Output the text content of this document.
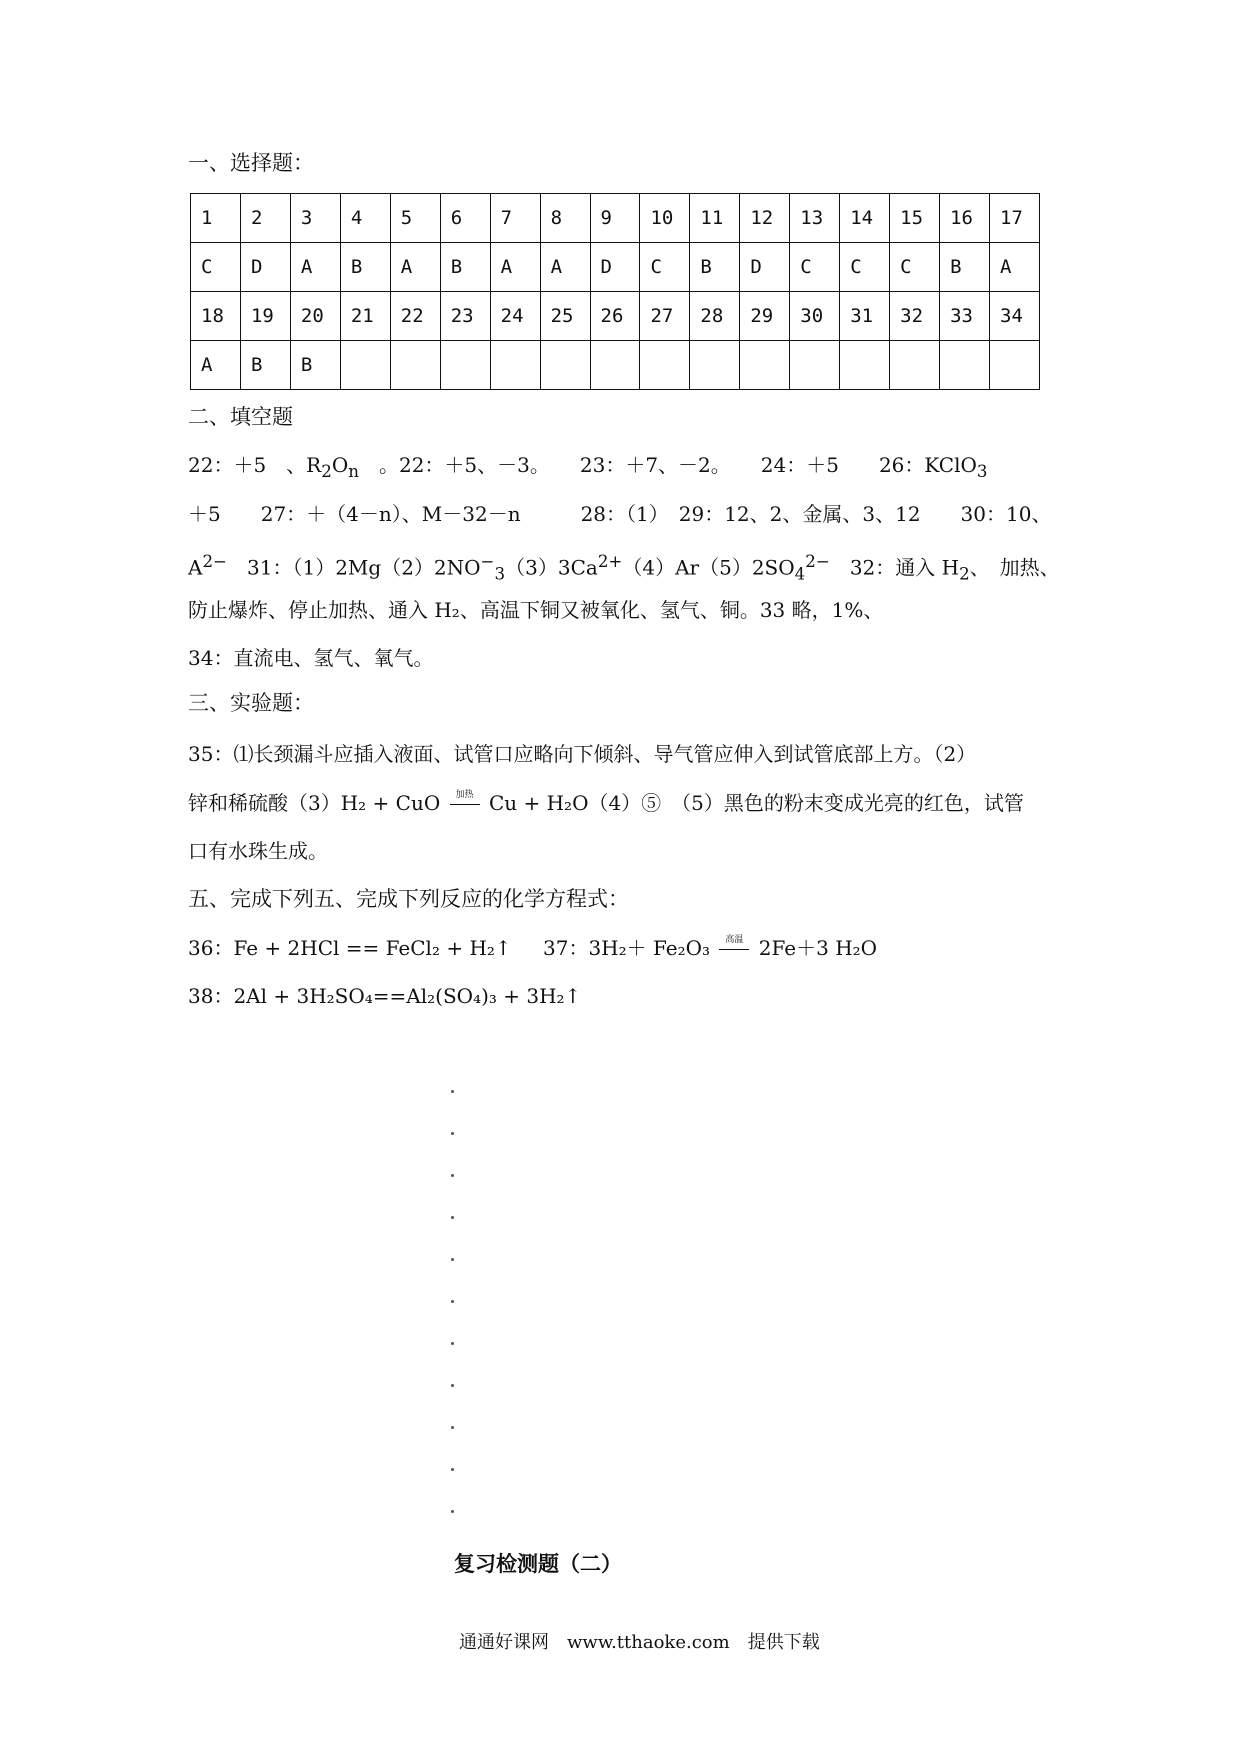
一、选择题：
1	2	3	4	5	6	7	8	9	10	11	12	13	14	15	16	17
C	D	A	B	A	B	A	A	D	C	B	D	C	C	C	B	A
18	19	20	21	22	23	24	25	26	27	28	29	30	31	32	33	34
A	B	B														
二、填空题
22：＋5　、$R_2O_n$　。22：＋5、－3。　　23：＋7、－2。　　24：＋5　　26：KClO$_3$
＋5　　27：＋（4－n）、M－32－n　　　28：（1）　29：12、2、金属、3、12　　30：10、
$A^{2-}$　31：$(1)2Mg(2)2NO^-_3(3)3Ca^{2+}(4)Ar(5)2SO_4^{2-}$　32：通入 $H_2$、　加热、
防止爆炸、停止加热、通入 H₂、高温下铜又被氧化、氢气、铜。33 略，1%、
34：直流电、氢气、氧气。
三、实验题：
35：⑴长颈漏斗应插入液面、试管口应略向下倾斜、导气管应伸入到试管底部上方。（2）
锌和稀硫酸（3）H₂ + CuO 加热 Cu + H₂O（4）⑤　（5）黑色的粉末变成光亮的红色，试管
口有水珠生成。
五、完成下列五、完成下列反应的化学方程式：
36：Fe + 2HCl == FeCl₂ + H₂↑ 37：3H₂＋ Fe₂O₃ 高温 2Fe＋3 H₂O
38：2Al + 3H₂SO₄==Al₂(SO₄)₃ + 3H₂↑
复习检测题（二）
通通好课网　www.tthaoke.com　提供下载
